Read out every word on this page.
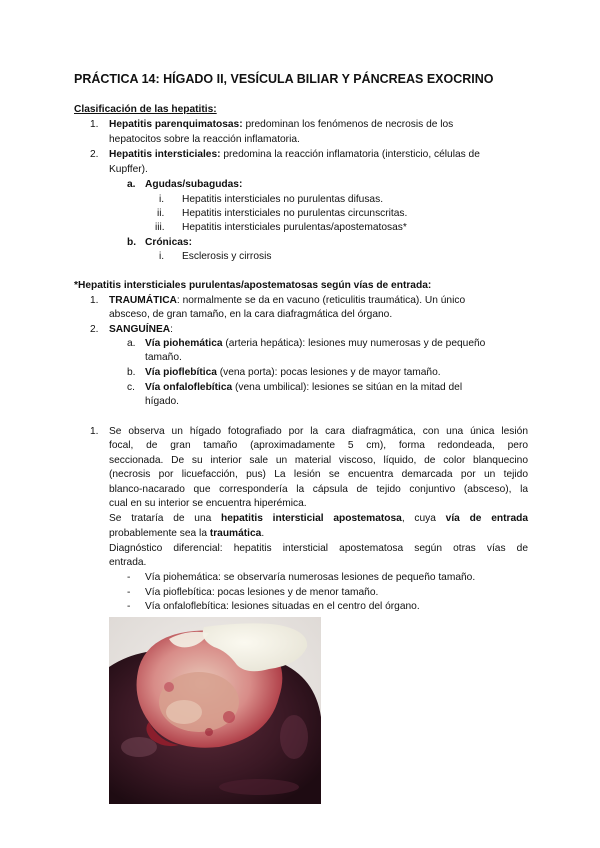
PRÁCTICA 14: HÍGADO II, VESÍCULA BILIAR Y PÁNCREAS EXOCRINO
Clasificación de las hepatitis:
1. Hepatitis parenquimatosas: predominan los fenómenos de necrosis de los
hepatocitos sobre la reacción inflamatoria.
2. Hepatitis intersticiales: predomina la reacción inflamatoria (intersticio, células de
Kupffer).
a. Agudas/subagudas:
i. Hepatitis intersticiales no purulentas difusas.
ii. Hepatitis intersticiales no purulentas circunscritas.
iii. Hepatitis intersticiales purulentas/apostematosas*
b. Crónicas:
i. Esclerosis y cirrosis
*Hepatitis intersticiales purulentas/apostematosas según vías de entrada:
1. TRAUMÁTICA: normalmente se da en vacuno (reticulitis traumática). Un único
absceso, de gran tamaño, en la cara diafragmática del órgano.
2. SANGUÍNEA:
a. Vía piohemática (arteria hepática): lesiones muy numerosas y de pequeño
tamaño.
b. Vía pioflebítica (vena porta): pocas lesiones y de mayor tamaño.
c. Vía onfaloflebítica (vena umbilical): lesiones se sitúan en la mitad del
hígado.
1. Se observa un hígado fotografiado por la cara diafragmática, con una única lesión
focal, de gran tamaño (aproximadamente 5 cm), forma redondeada, pero
seccionada. De su interior sale un material viscoso, líquido, de color blanquecino
(necrosis por licuefacción, pus) La lesión se encuentra demarcada por un tejido
blanco-nacarado que correspondería la cápsula de tejido conjuntivo (absceso), la
cual en su interior se encuentra hiperémica.
Se trataría de una hepatitis intersticial apostematosa, cuya vía de entrada
probablemente sea la traumática.
Diagnóstico diferencial: hepatitis intersticial apostematosa según otras vías de
entrada.
- Vía piohemática: se observaría numerosas lesiones de pequeño tamaño.
- Vía pioflebítica: pocas lesiones y de menor tamaño.
- Vía onfaloflebítica: lesiones situadas en el centro del órgano.
